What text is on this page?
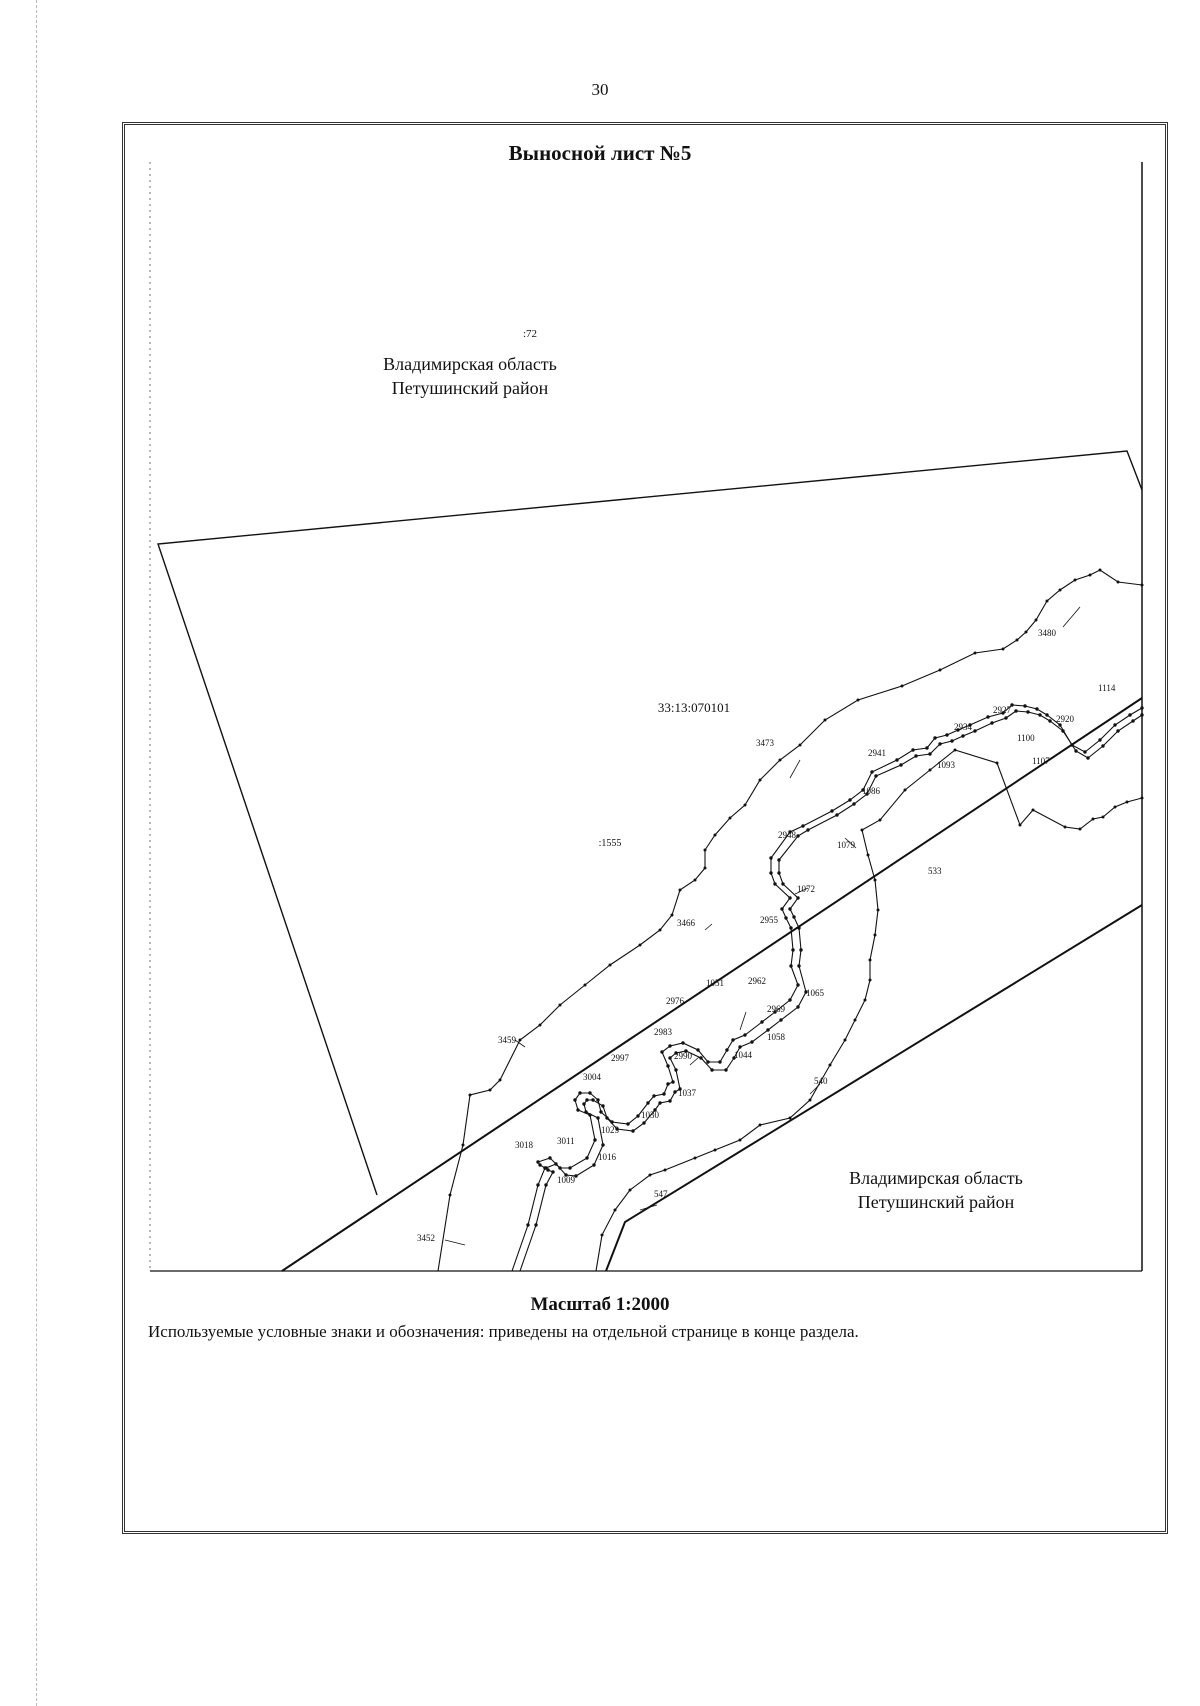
30
Выносной лист №5
:72
Владимирская область
Петушинский район
33:13:070101
:1555
Владимирская область
Петушинский район
3480
1114
2927
2920
2934
1100
1107
1093
2941
1086
3473
2948
1079
1072
533
2955
3466
2962
1051
1065
2976
2969
1058
2983
1044
3459
2997	2990
3004
1037
540
1030
1023
3011
3018
1016
1009
547
3452
Масштаб 1:2000
Используемые условные знаки и обозначения: приведены на отдельной странице в конце раздела.
